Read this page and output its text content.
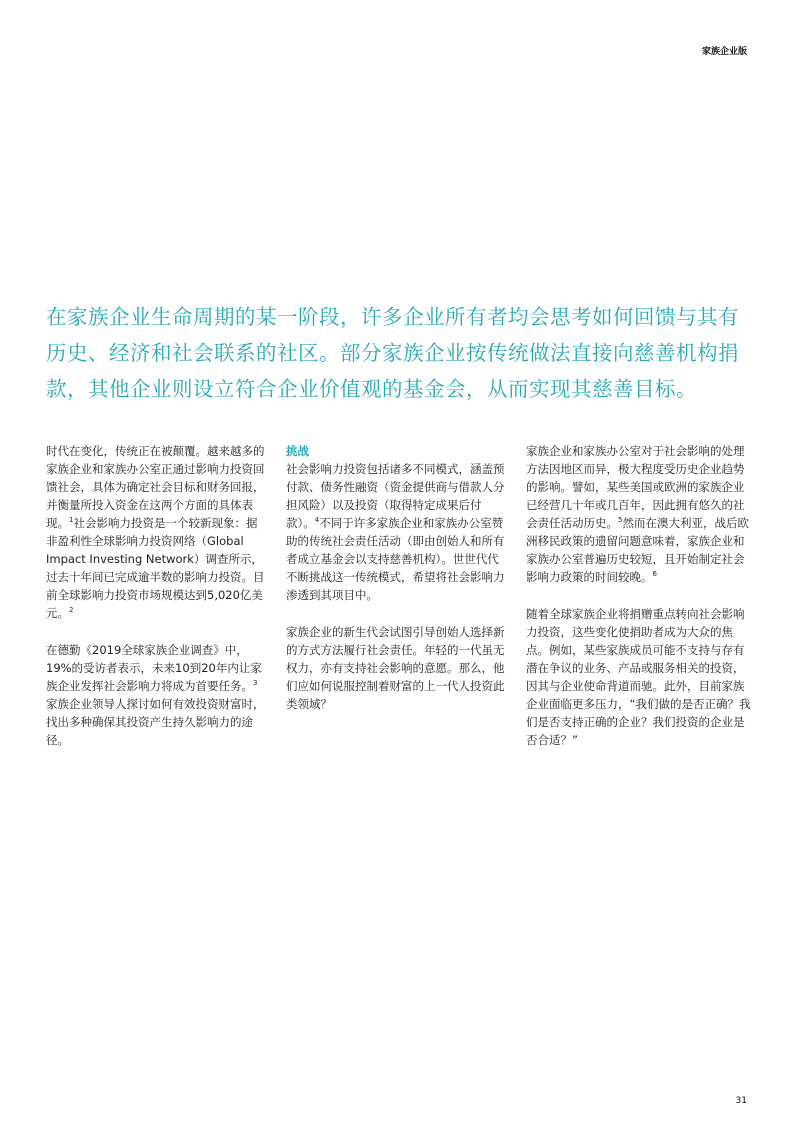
家族企业版

在家族企业生命周期的某一阶段，许多企业所有者均会思考如何回馈与其有历史、经济和社会联系的社区。部分家族企业按传统做法直接向慈善机构捐款，其他企业则设立符合企业价值观的基金会，从而实现其慈善目标。

时代在变化，传统正在被颠覆。越来越多的家族企业和家族办公室正通过影响力投资回馈社会，具体为确定社会目标和财务回报，并衡量所投入资金在这两个方面的具体表现。$^1$社会影响力投资是一个较新现象：据非盈利性全球影响力投资网络（Global Impact Investing Network）调查所示，过去十年间已完成逾半数的影响力投资。目前全球影响力投资市场规模达到5,020亿美元。$^2$

在德勤《2019全球家族企业调查》中，19%的受访者表示，未来10到20年内让家族企业发挥社会影响力将成为首要任务。$^3$家族企业领导人探讨如何有效投资财富时，找出多种确保其投资产生持久影响力的途径。

挑战

社会影响力投资包括诸多不同模式，涵盖预付款、债务性融资（资金提供商与借款人分担风险）以及投资（取得特定成果后付款）。$^4$不同于许多家族企业和家族办公室赞助的传统社会责任活动（即由创始人和所有者成立基金会以支持慈善机构）。世世代代不断挑战这一传统模式，希望将社会影响力渗透到其项目中。

家族企业的新生代会试图引导创始人选择新的方式方法履行社会责任。年轻的一代虽无权力，亦有支持社会影响的意愿。那么，他们应如何说服控制着财富的上一代人投资此类领域？

家族企业和家族办公室对于社会影响的处理方法因地区而异，极大程度受历史企业趋势的影响。譬如，某些美国或欧洲的家族企业已经营几十年或几百年，因此拥有悠久的社会责任活动历史。$^5$然而在澳大利亚，战后欧洲移民政策的遗留问题意味着，家族企业和家族办公室普遍历史较短，且开始制定社会影响力政策的时间较晚。$^6$

随着全球家族企业将捐赠重点转向社会影响力投资，这些变化使捐助者成为大众的焦点。例如，某些家族成员可能不支持与存有潜在争议的业务、产品或服务相关的投资，因其与企业使命背道而驰。此外，目前家族企业面临更多压力，“我们做的是否正确？我们是否支持正确的企业？我们投资的企业是否合适？”

31
